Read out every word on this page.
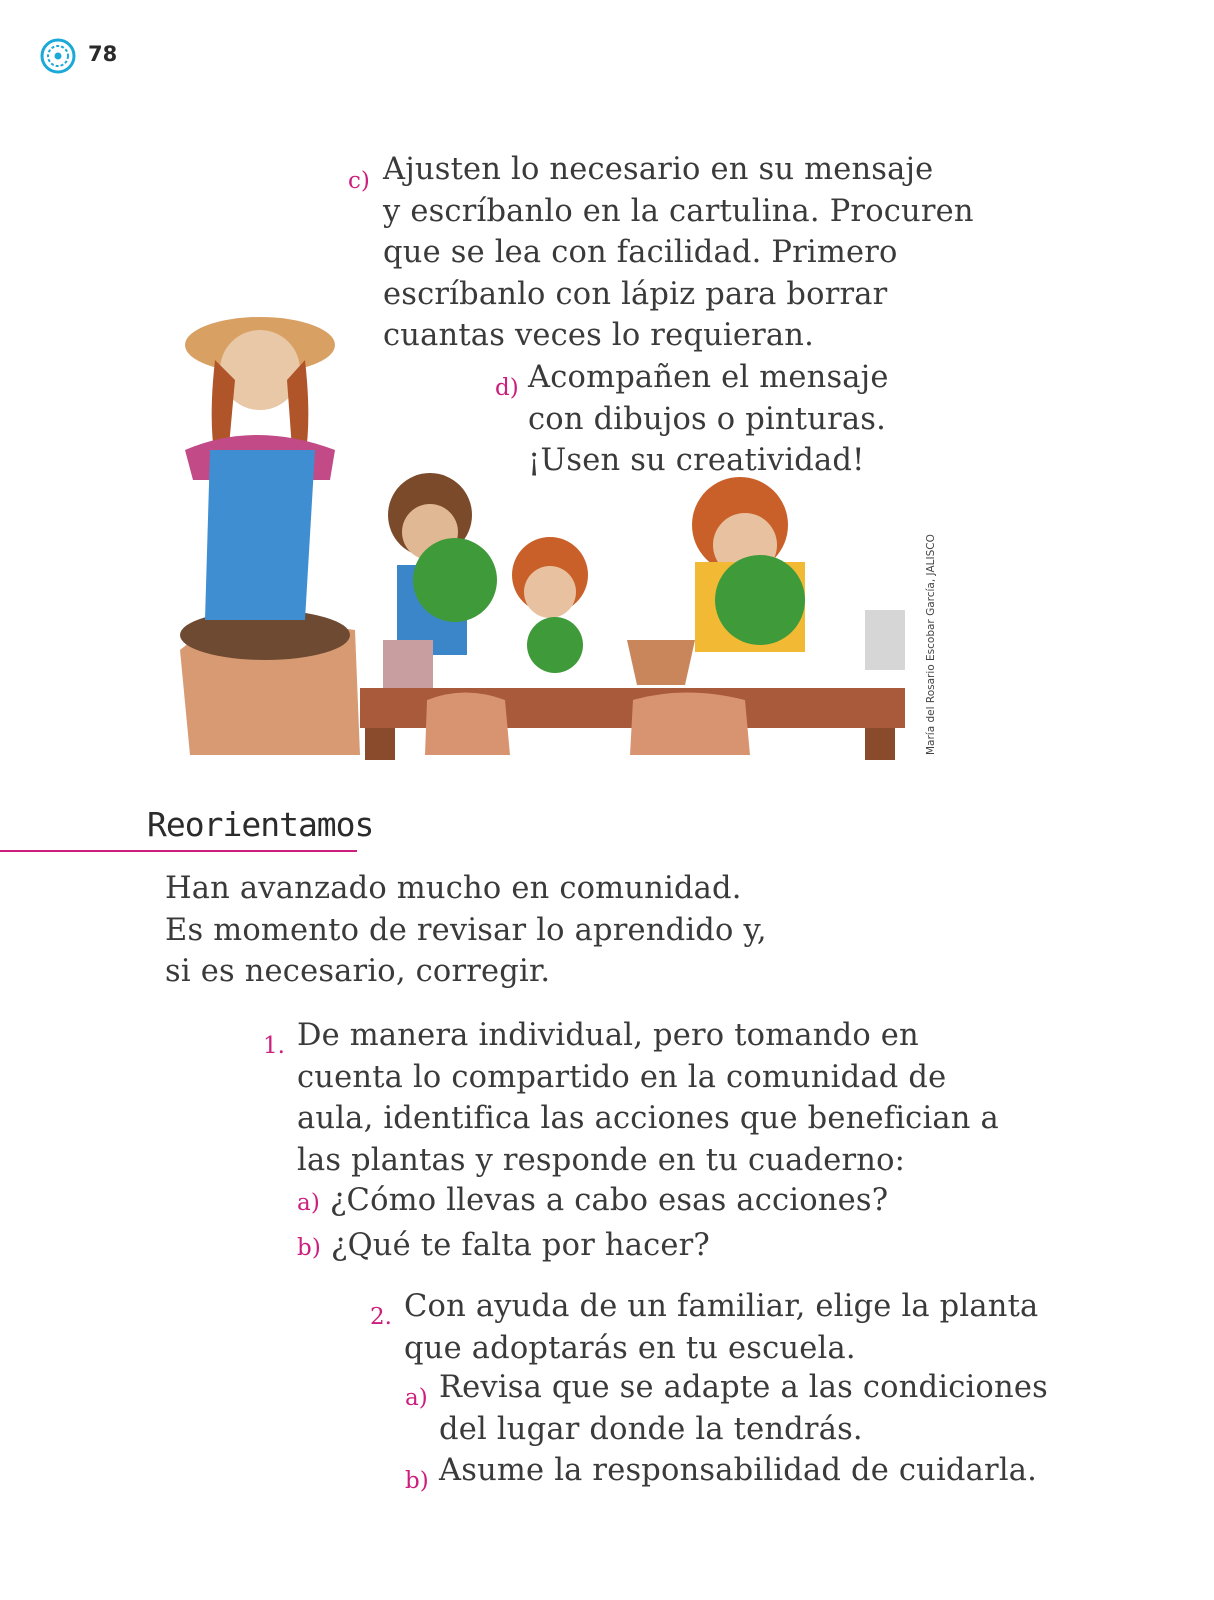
78
María del Rosario Escobar García, JALISCO
c) Ajusten lo necesario en su mensaje
y escríbanlo en la cartulina. Procuren
que se lea con facilidad. Primero
escríbanlo con lápiz para borrar
cuantas veces lo requieran.
d) Acompañen el mensaje
con dibujos o pinturas.
¡Usen su creatividad!
Reorientamos
Han avanzado mucho en comunidad.
Es momento de revisar lo aprendido y,
si es necesario, corregir.
1. De manera individual, pero tomando en
cuenta lo compartido en la comunidad de
aula, identifica las acciones que benefician a
las plantas y responde en tu cuaderno:
a) ¿Cómo llevas a cabo esas acciones?
b) ¿Qué te falta por hacer?
2. Con ayuda de un familiar, elige la planta
que adoptarás en tu escuela.
a) Revisa que se adapte a las condiciones
del lugar donde la tendrás.
b) Asume la responsabilidad de cuidarla.
